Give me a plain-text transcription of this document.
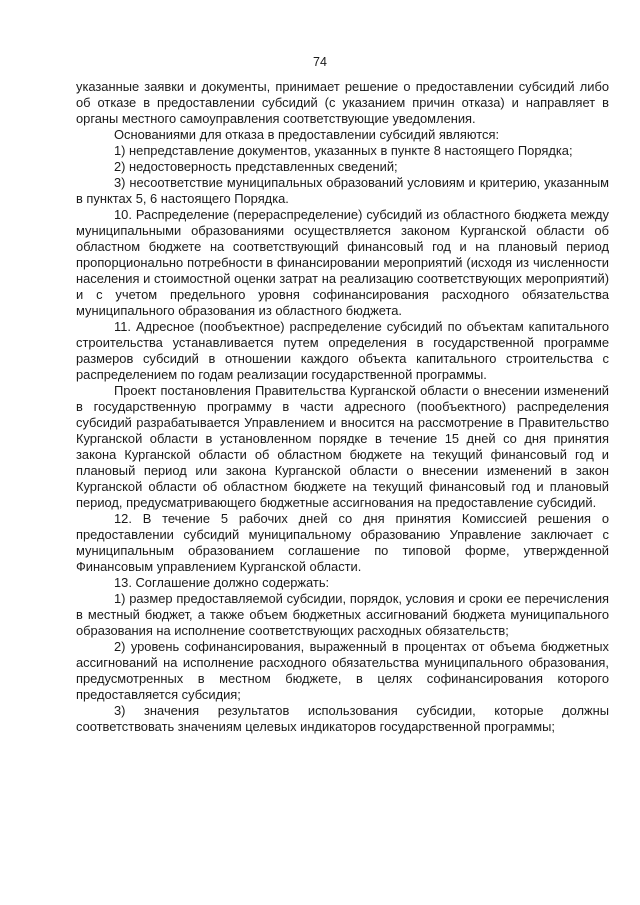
74

указанные заявки и документы, принимает решение о предоставлении субсидий либо об отказе в предоставлении субсидий (с указанием причин отказа) и направляет в органы местного самоуправления соответствующие уведомления.

Основаниями для отказа в предоставлении субсидий являются:

1) непредставление документов, указанных в пункте 8 настоящего Порядка;

2) недостоверность представленных сведений;

3) несоответствие муниципальных образований условиям и критерию, указанным в пунктах 5, 6 настоящего Порядка.

10. Распределение (перераспределение) субсидий из областного бюджета между муниципальными образованиями осуществляется законом Курганской области об областном бюджете на соответствующий финансовый год и на плановый период пропорционально потребности в финансировании мероприятий (исходя из численности населения и стоимостной оценки затрат на реализацию соответствующих мероприятий) и с учетом предельного уровня софинансирования расходного обязательства муниципального образования из областного бюджета.

11. Адресное (пообъектное) распределение субсидий по объектам капитального строительства устанавливается путем определения в государственной программе размеров субсидий в отношении каждого объекта капитального строительства с распределением по годам реализации государственной программы.

Проект постановления Правительства Курганской области о внесении изменений в государственную программу в части адресного (пообъектного) распределения субсидий разрабатывается Управлением и вносится на рассмотрение в Правительство Курганской области в установленном порядке в течение 15 дней со дня принятия закона Курганской области об областном бюджете на текущий финансовый год и плановый период или закона Курганской области о внесении изменений в закон Курганской области об областном бюджете на текущий финансовый год и плановый период, предусматривающего бюджетные ассигнования на предоставление субсидий.

12. В течение 5 рабочих дней со дня принятия Комиссией решения о предоставлении субсидий муниципальному образованию Управление заключает с муниципальным образованием соглашение по типовой форме, утвержденной Финансовым управлением Курганской области.

13. Соглашение должно содержать:

1) размер предоставляемой субсидии, порядок, условия и сроки ее перечисления в местный бюджет, а также объем бюджетных ассигнований бюджета муниципального образования на исполнение соответствующих расходных обязательств;

2) уровень софинансирования, выраженный в процентах от объема бюджетных ассигнований на исполнение расходного обязательства муниципального образования, предусмотренных в местном бюджете, в целях софинансирования которого предоставляется субсидия;

3) значения результатов использования субсидии, которые должны соответствовать значениям целевых индикаторов государственной программы;
